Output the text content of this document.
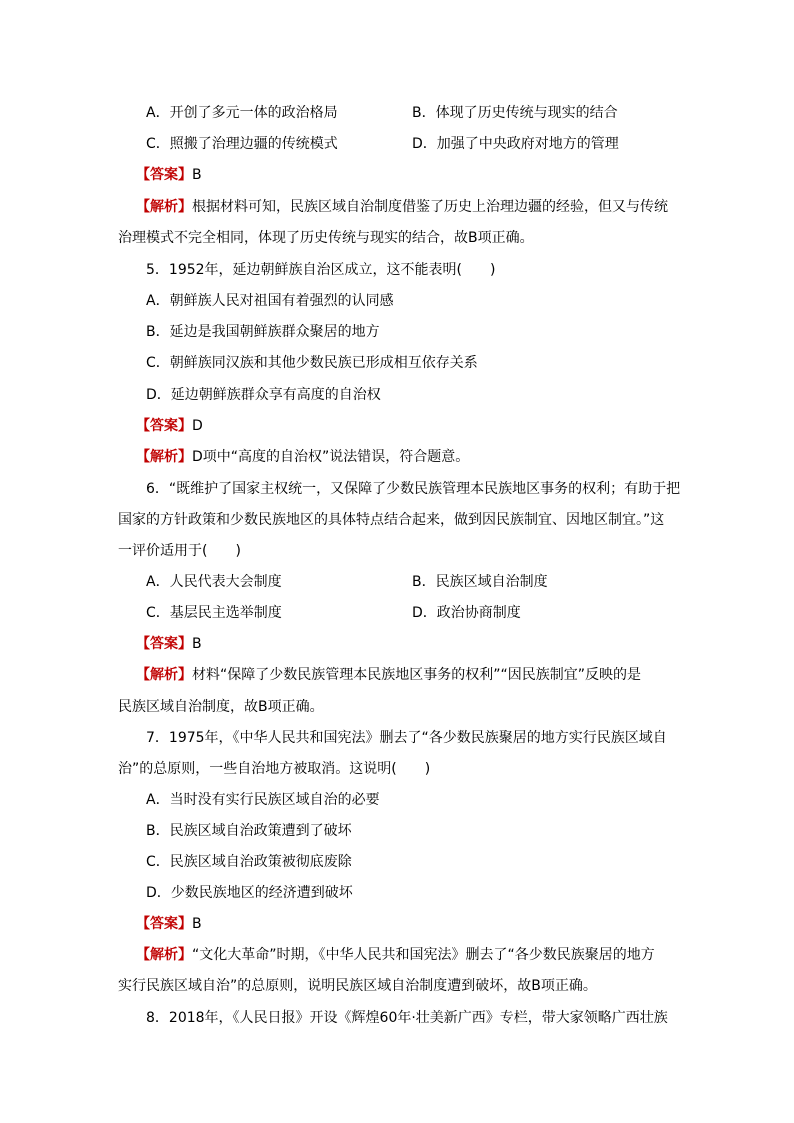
A．开创了多元一体的政治格局	B．体现了历史传统与现实的结合
C．照搬了治理边疆的传统模式	D．加强了中央政府对地方的管理
【答案】B
【解析】根据材料可知，民族区域自治制度借鉴了历史上治理边疆的经验，但又与传统
治理模式不完全相同，体现了历史传统与现实的结合，故B项正确。
5．1952年，延边朝鲜族自治区成立，这不能表明(　　)
A．朝鲜族人民对祖国有着强烈的认同感
B．延边是我国朝鲜族群众聚居的地方
C．朝鲜族同汉族和其他少数民族已形成相互依存关系
D．延边朝鲜族群众享有高度的自治权
【答案】D
【解析】D项中“高度的自治权”说法错误，符合题意。
6．“既维护了国家主权统一，又保障了少数民族管理本民族地区事务的权利；有助于把
国家的方针政策和少数民族地区的具体特点结合起来，做到因民族制宜、因地区制宜。”这
一评价适用于(　　)
A．人民代表大会制度	B．民族区域自治制度
C．基层民主选举制度	D．政治协商制度
【答案】B
【解析】材料“保障了少数民族管理本民族地区事务的权利”“因民族制宜”反映的是
民族区域自治制度，故B项正确。
7．1975年，《中华人民共和国宪法》删去了“各少数民族聚居的地方实行民族区域自
治”的总原则，一些自治地方被取消。这说明(　　)
A．当时没有实行民族区域自治的必要
B．民族区域自治政策遭到了破坏
C．民族区域自治政策被彻底废除
D．少数民族地区的经济遭到破坏
【答案】B
【解析】“文化大革命”时期，《中华人民共和国宪法》删去了“各少数民族聚居的地方
实行民族区域自治”的总原则，说明民族区域自治制度遭到破坏，故B项正确。
8．2018年，《人民日报》开设《辉煌60年·壮美新广西》专栏，带大家领略广西壮族
